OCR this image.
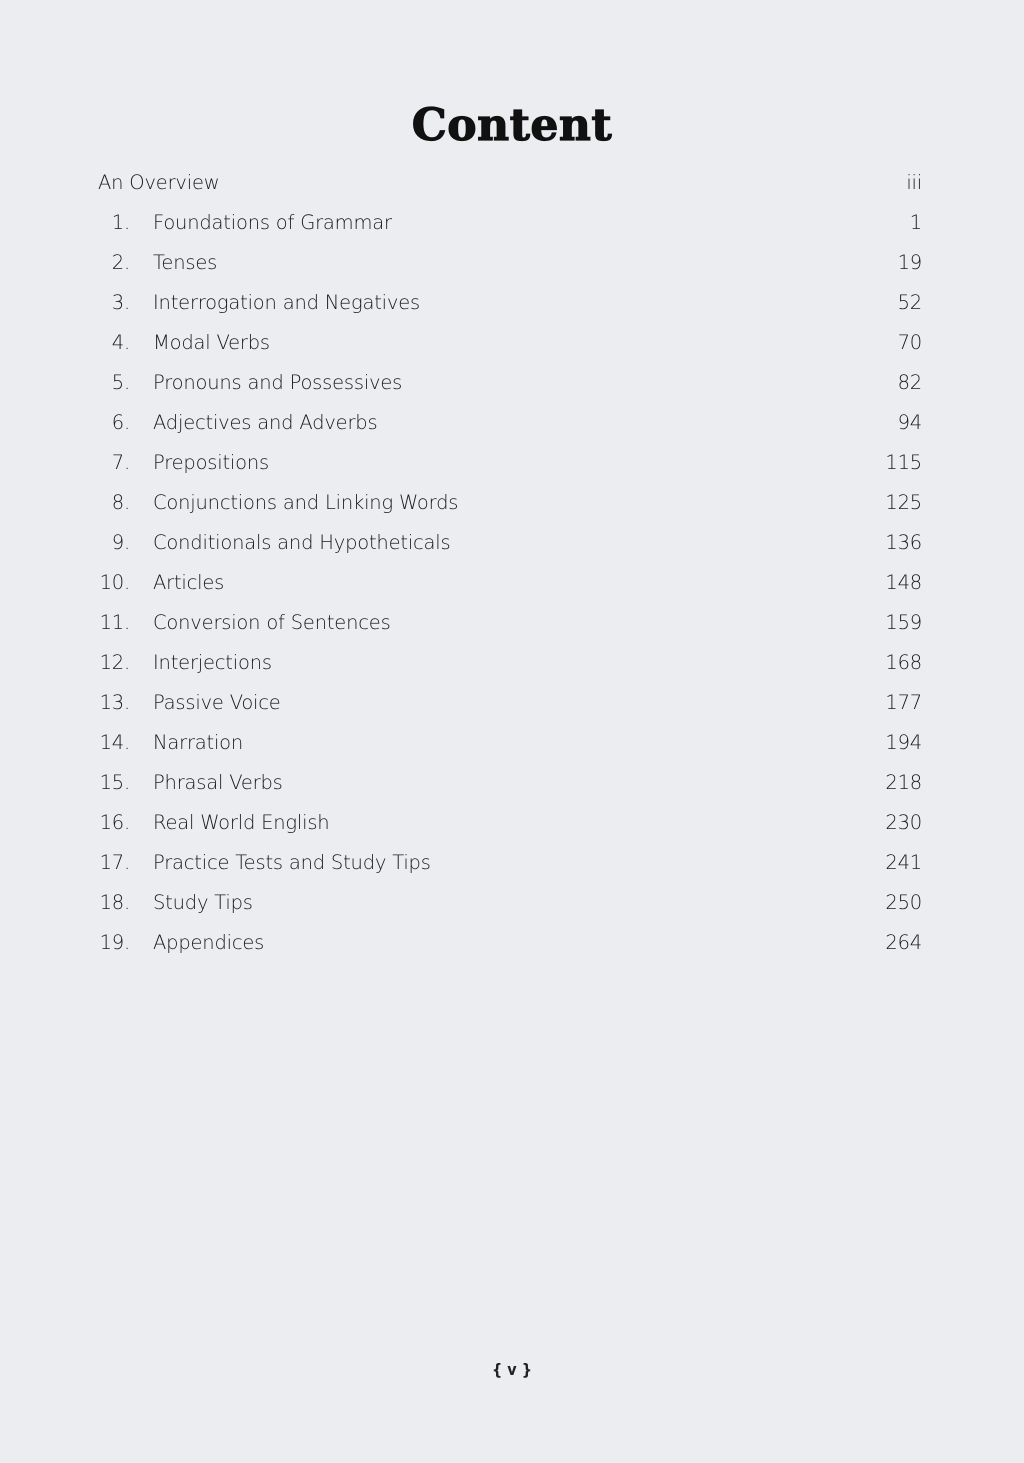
Content
An Overview	iii
1. Foundations of Grammar	1
2. Tenses	19
3. Interrogation and Negatives	52
4. Modal Verbs	70
5. Pronouns and Possessives	82
6. Adjectives and Adverbs	94
7. Prepositions	115
8. Conjunctions and Linking Words	125
9. Conditionals and Hypotheticals	136
10. Articles	148
11. Conversion of Sentences	159
12. Interjections	168
13. Passive Voice	177
14. Narration	194
15. Phrasal Verbs	218
16. Real World English	230
17. Practice Tests and Study Tips	241
18. Study Tips	250
19. Appendices	264
{ v }
